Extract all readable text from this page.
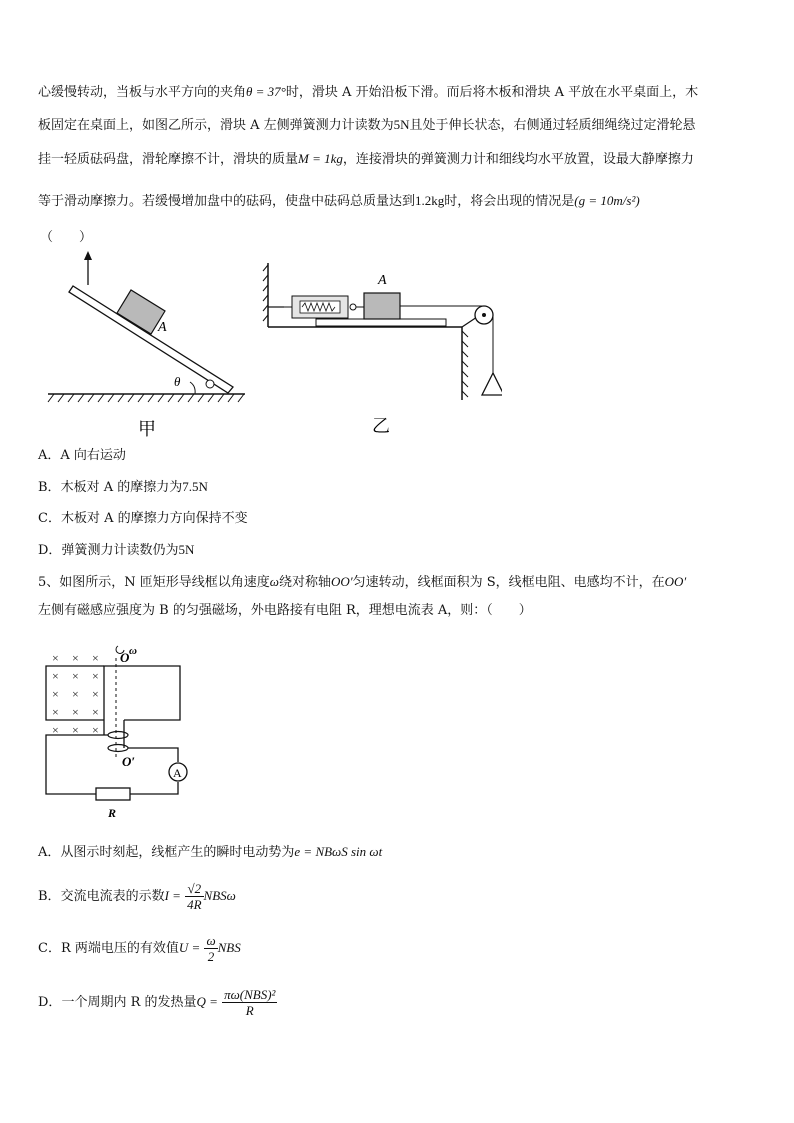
心缓慢转动，当板与水平方向的夹角θ = 37°时，滑块 A 开始沿板下滑。而后将木板和滑块 A 平放在水平桌面上，木
板固定在桌面上，如图乙所示，滑块 A 左侧弹簧测力计读数为5N且处于伸长状态，右侧通过轻质细绳绕过定滑轮悬
挂一轻质砝码盘，滑轮摩擦不计，滑块的质量M = 1kg，连接滑块的弹簧测力计和细线均水平放置，设最大静摩擦力
等于滑动摩擦力。若缓慢增加盘中的砝码，使盘中砝码总质量达到1.2kg时，将会出现的情况是(g = 10m/s²)
（　　）
A
θ
甲
A
乙
A．A 向右运动
B．木板对 A 的摩擦力为7.5N
C．木板对 A 的摩擦力方向保持不变
D．弹簧测力计读数仍为5N
5、如图所示，N 匝矩形导线框以角速度ω绕对称轴OO′匀速转动，线框面积为 S，线框电阻、电感均不计，在OO′
左侧有磁感应强度为 B 的匀强磁场，外电路接有电阻 R，理想电流表 A，则：（　　）
× × ×
× × ×
× × ×
× × ×
× × ×
A
R
O ω
O′
A．从图示时刻起，线框产生的瞬时电动势为e = NBωS sin ωt
B．交流电流表的示数$I = \frac{√2}{4R}$ NBSω
C．R 两端电压的有效值$U = \frac{\omega}{2}$ NBS
D．一个周期内 R 的发热量$Q = \frac{\text{πω(NBS)²}}{R}$
